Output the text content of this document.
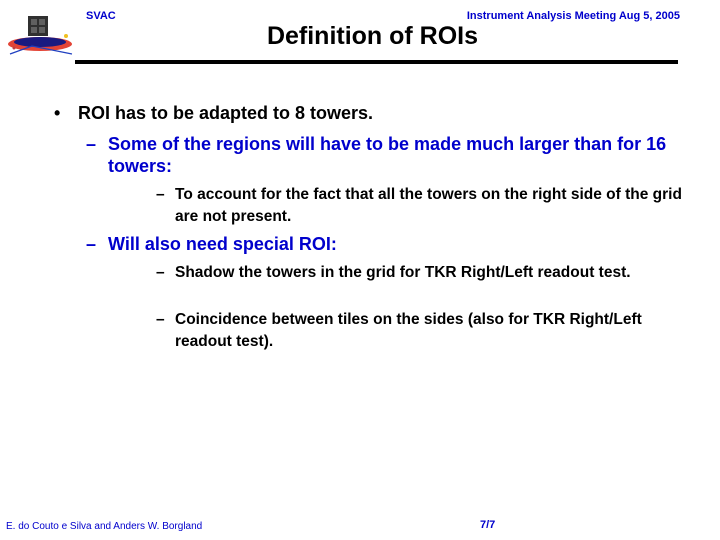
SVAC	Instrument Analysis Meeting Aug 5, 2005
Definition of ROIs
• ROI has to be adapted to 8 towers.
– Some of the regions will have to be made much larger than for 16 towers:
– To account for the fact that all the towers on the right side of the grid are not present.
– Will also need special ROI:
– Shadow the towers in the grid for TKR Right/Left readout test.
– Coincidence between tiles on the sides (also for TKR Right/Left readout test).
E. do Couto e Silva and Anders W. Borgland	7/7
